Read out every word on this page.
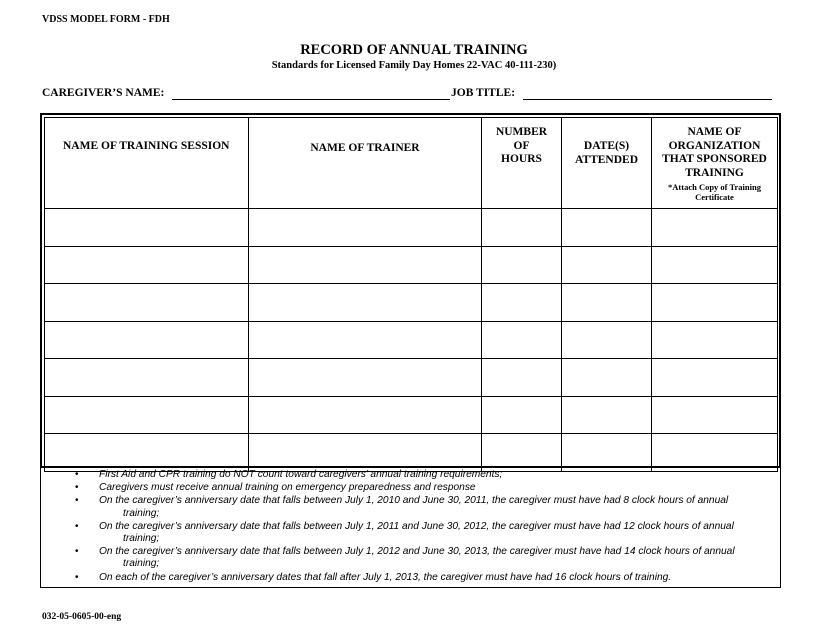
VDSS MODEL FORM - FDH
RECORD OF ANNUAL TRAINING
Standards for Licensed Family Day Homes 22-VAC 40-111-230)
CAREGIVER’S NAME:	JOB TITLE:
NAME OF TRAINING SESSION	NAME OF TRAINER	NUMBER OF HOURS	DATE(S) ATTENDED	NAME OF ORGANIZATION THAT SPONSORED TRAINING
*Attach Copy of Training Certificate

• First Aid and CPR training do NOT count toward caregivers’ annual training requirements;
• Caregivers must receive annual training on emergency preparedness and response
• On the caregiver’s anniversary date that falls between July 1, 2010 and June 30, 2011, the caregiver must have had 8 clock hours of annual
training;
• On the caregiver’s anniversary date that falls between July 1, 2011 and June 30, 2012, the caregiver must have had 12 clock hours of annual
training;
• On the caregiver’s anniversary date that falls between July 1, 2012 and June 30, 2013, the caregiver must have had 14 clock hours of annual
training;
• On each of the caregiver’s anniversary dates that fall after July 1, 2013, the caregiver must have had 16 clock hours of training.
032-05-0605-00-eng
